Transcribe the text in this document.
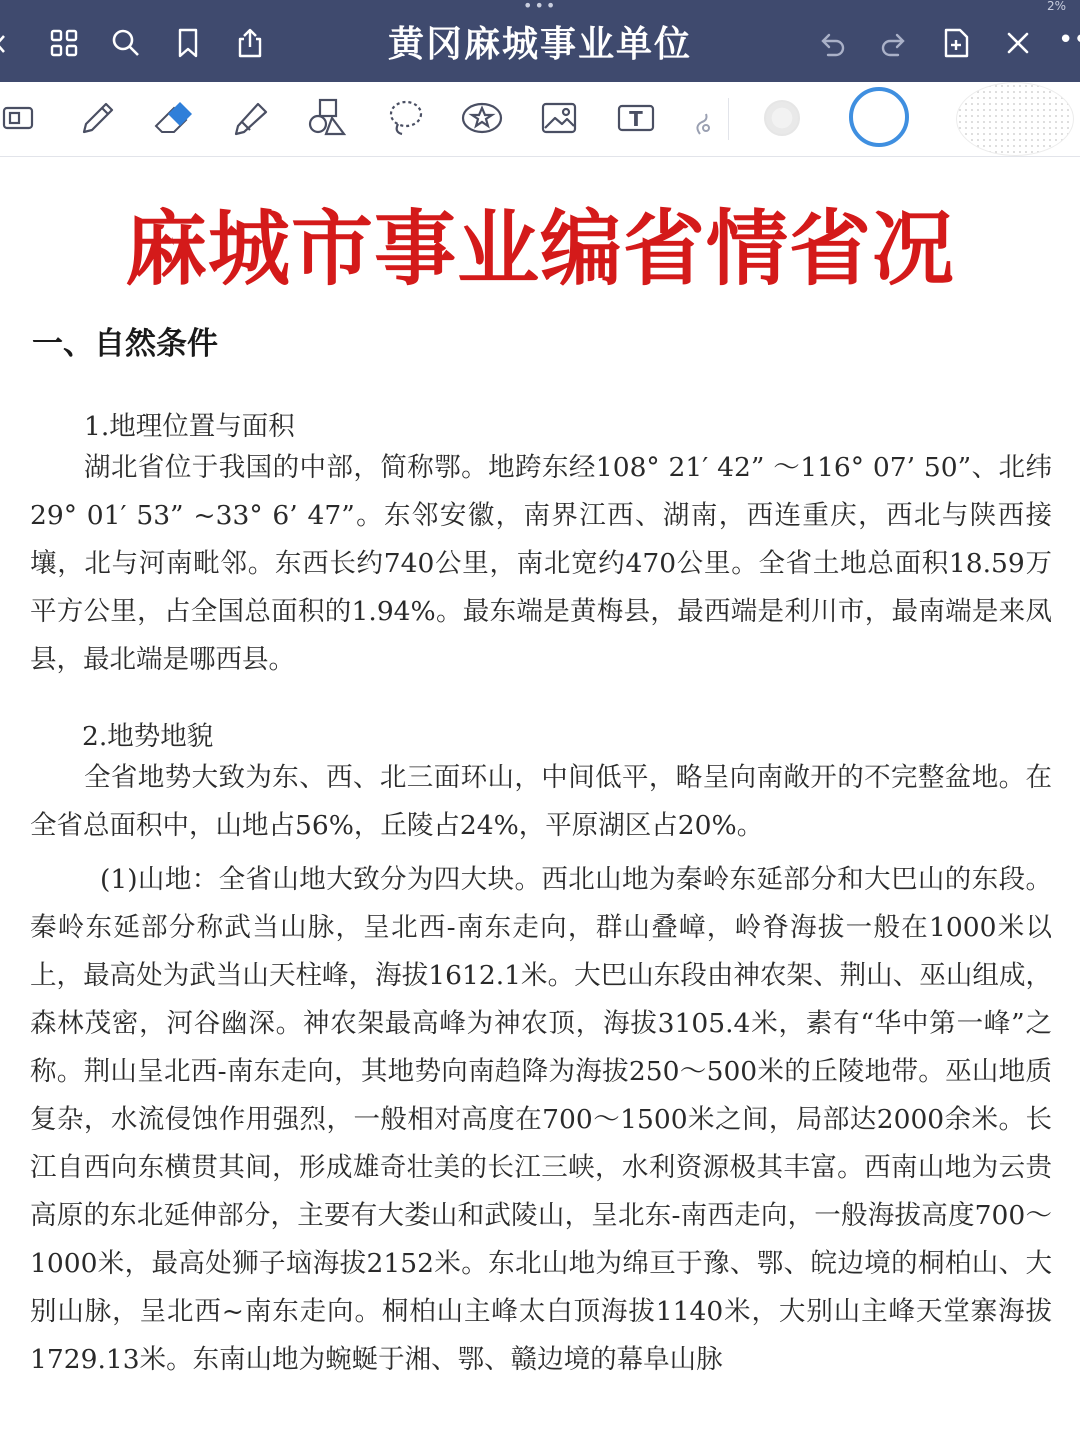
•••	2%
黄冈麻城事业单位	••
T
麻城市事业编省情省况
一、自然条件
1.地理位置与面积
湖北省位于我国的中部，简称鄂。地跨东经108° 21′ 42” ～116° 07’ 50”、北纬29° 01′ 53” ~33° 6’ 47”。东邻安徽，南界江西、湖南，西连重庆，西北与陕西接壤，北与河南毗邻。东西长约740公里，南北宽约470公里。全省土地总面积18.59万平方公里，占全国总面积的1.94%。最东端是黄梅县，最西端是利川市，最南端是来凤县，最北端是哪西县。
2.地势地貌
全省地势大致为东、西、北三面环山，中间低平，略呈向南敞开的不完整盆地。在全省总面积中，山地占56%，丘陵占24%，平原湖区占20%。
(1)山地：全省山地大致分为四大块。西北山地为秦岭东延部分和大巴山的东段。秦岭东延部分称武当山脉，呈北西-南东走向，群山叠嶂，岭脊海拔一般在1000米以上，最高处为武当山天柱峰，海拔1612.1米。大巴山东段由神农架、荆山、巫山组成，森林茂密，河谷幽深。神农架最高峰为神农顶，海拔3105.4米，素有“华中第一峰”之称。荆山呈北西-南东走向，其地势向南趋降为海拔250～500米的丘陵地带。巫山地质复杂，水流侵蚀作用强烈，一般相对高度在700～1500米之间，局部达2000余米。长江自西向东横贯其间，形成雄奇壮美的长江三峡，水利资源极其丰富。西南山地为云贵高原的东北延伸部分，主要有大娄山和武陵山，呈北东-南西走向，一般海拔高度700～1000米，最高处狮子垴海拔2152米。东北山地为绵亘于豫、鄂、皖边境的桐柏山、大别山脉，呈北西~南东走向。桐柏山主峰太白顶海拔1140米，大别山主峰天堂寨海拔1729.13米。东南山地为蜿蜒于湘、鄂、赣边境的幕阜山脉
